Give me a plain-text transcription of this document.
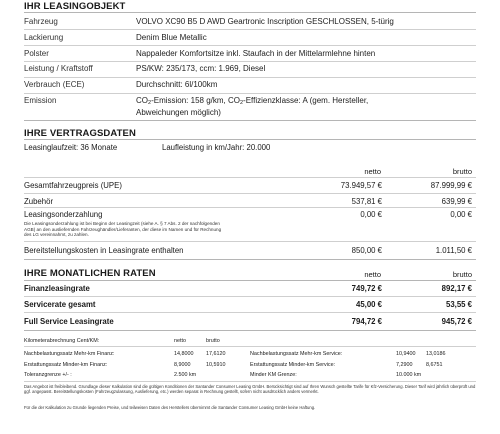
IHR LEASINGOBJEKT
Fahrzeug	VOLVO XC90 B5 D AWD Geartronic Inscription GESCHLOSSEN, 5-türig
Lackierung	Denim Blue Metallic
Polster	Nappaleder Komfortsitze inkl. Staufach in der Mittelarmlehne hinten
Leistung / Kraftstoff	PS/KW: 235/173, ccm: 1.969, Diesel
Verbrauch (ECE)	Durchschnitt: 6l/100km
Emission	CO2-Emission: 158 g/km, CO2-Effizienzklasse: A (gem. Hersteller,
Abweichungen möglich)
IHRE VERTRAGSDATEN
Leasinglaufzeit: 36 Monate	Laufleistung in km/Jahr: 20.000
netto	brutto
Gesamtfahrzeugpreis (UPE)	73.949,57 €	87.999,99 €
Zubehör	537,81 €	639,99 €
Leasingsonderzahlung	0,00 €	0,00 €
Die Leasingsonderzahlung ist bei Beginn der Leasingzeit (siehe A. § 7 Abs. 2 der nachfolgenden AGB) an den ausliefernden Fahrzeughändler/Lieferanten, der diese im Namen und für Rechnung des LG vereinnahmt, zu zahlen.
Bereitstellungskosten in Leasingrate enthalten	850,00 €	1.011,50 €
IHRE MONATLICHEN RATEN	netto	brutto
Finanzleasingrate	749,72 €	892,17 €
Servicerate gesamt	45,00 €	53,55 €
Full Service Leasingrate	794,72 €	945,72 €
Kilometerabrechnung Cent/KM:	netto	brutto
Nachbelastungssatz Mehr-km Finanz:	14,8000 17,6120	Nachbelastungssatz Mehr-km Service:	10,9400 13,0186
Erstattungssatz Minder-km Finanz:	8,9000	10,5910	Erstattungssatz Minder-km Service:	7,2900	8,6751
Toleranzgrenze +/- :	2.500 km	Minder KM Grenze:	10.000 km
Das Angebot ist freibleibend. Grundlage dieser Kalkulation sind die gültigen Konditionen der Santander Consumer Leasing GmbH. Berücksichtigt sind auf Ihren Wunsch gestellte Tarife für Kfz-Versicherung. Dieser Tarif wird jährlich überprüft und ggf. angepasst. Bereitstellungskosten (Fahrzeugzulassung, Auslieferung, etc.) werden separat in Rechnung gestellt, sofern nicht ausdrücklich anders vermerkt.
Für die der Kalkulation zu Grunde liegenden Preise, und teilweisen Daten des Herstellers übernimmt die Santander Consumer Leasing GmbH keine Haftung.
